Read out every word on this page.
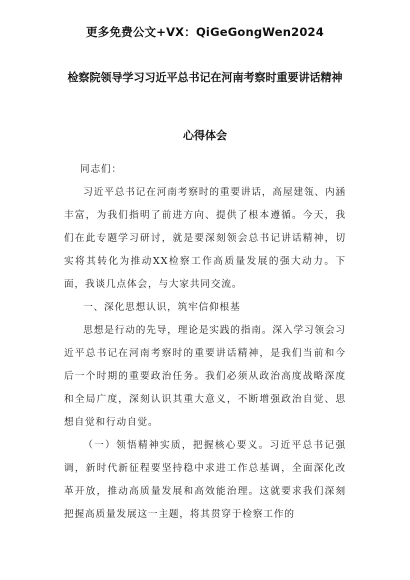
更多免费公文+VX：QiGeGongWen2024
检察院领导学习习近平总书记在河南考察时重要讲话精神
心得体会
同志们：
习近平总书记在河南考察时的重要讲话，高屋建瓴、内涵丰富，为我们指明了前进方向、提供了根本遵循。今天，我们在此专题学习研讨，就是要深刻领会总书记讲话精神，切实将其转化为推动XX检察工作高质量发展的强大动力。下面，我谈几点体会，与大家共同交流。
一、深化思想认识，筑牢信仰根基
思想是行动的先导，理论是实践的指南。深入学习领会习近平总书记在河南考察时的重要讲话精神，是我们当前和今后一个时期的重要政治任务。我们必须从政治高度战略深度和全局广度，深刻认识其重大意义，不断增强政治自觉、思想自觉和行动自觉。
（一）领悟精神实质，把握核心要义。习近平总书记强调，新时代新征程要坚持稳中求进工作总基调，全面深化改革开放，推动高质量发展和高效能治理。这就要求我们深刻把握高质量发展这一主题，将其贯穿于检察工作的
